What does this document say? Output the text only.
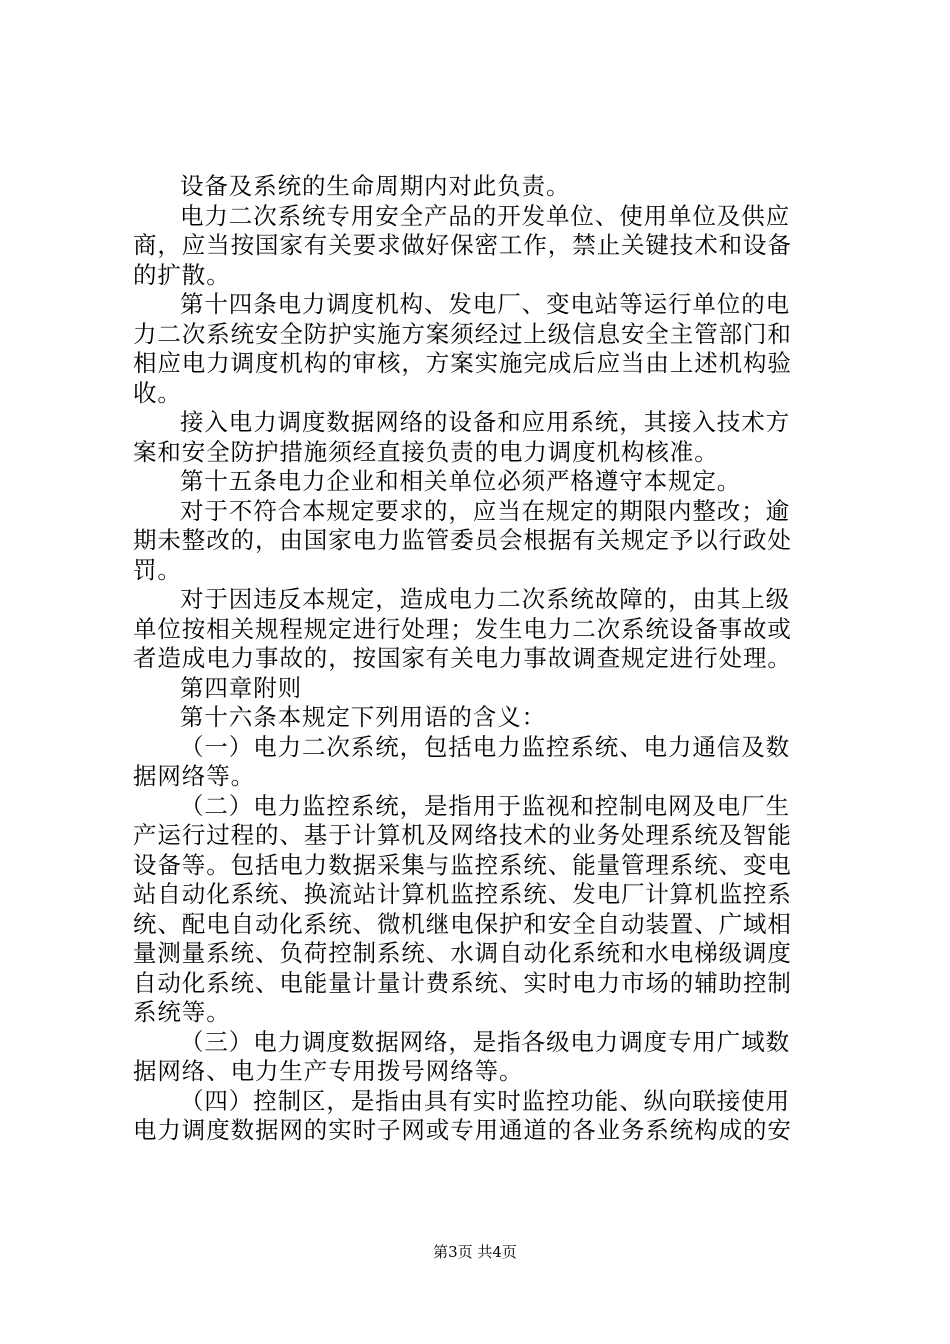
设备及系统的生命周期内对此负责。
电力二次系统专用安全产品的开发单位、使用单位及供应
商，应当按国家有关要求做好保密工作，禁止关键技术和设备
的扩散。
第十四条电力调度机构、发电厂、变电站等运行单位的电
力二次系统安全防护实施方案须经过上级信息安全主管部门和
相应电力调度机构的审核，方案实施完成后应当由上述机构验
收。
接入电力调度数据网络的设备和应用系统，其接入技术方
案和安全防护措施须经直接负责的电力调度机构核准。
第十五条电力企业和相关单位必须严格遵守本规定。
对于不符合本规定要求的，应当在规定的期限内整改；逾
期未整改的，由国家电力监管委员会根据有关规定予以行政处
罚。
对于因违反本规定，造成电力二次系统故障的，由其上级
单位按相关规程规定进行处理；发生电力二次系统设备事故或
者造成电力事故的，按国家有关电力事故调查规定进行处理。
第四章附则
第十六条本规定下列用语的含义：
（一）电力二次系统，包括电力监控系统、电力通信及数
据网络等。
（二）电力监控系统，是指用于监视和控制电网及电厂生
产运行过程的、基于计算机及网络技术的业务处理系统及智能
设备等。包括电力数据采集与监控系统、能量管理系统、变电
站自动化系统、换流站计算机监控系统、发电厂计算机监控系
统、配电自动化系统、微机继电保护和安全自动装置、广域相
量测量系统、负荷控制系统、水调自动化系统和水电梯级调度
自动化系统、电能量计量计费系统、实时电力市场的辅助控制
系统等。
（三）电力调度数据网络，是指各级电力调度专用广域数
据网络、电力生产专用拨号网络等。
（四）控制区，是指由具有实时监控功能、纵向联接使用
电力调度数据网的实时子网或专用通道的各业务系统构成的安
第3页 共4页
